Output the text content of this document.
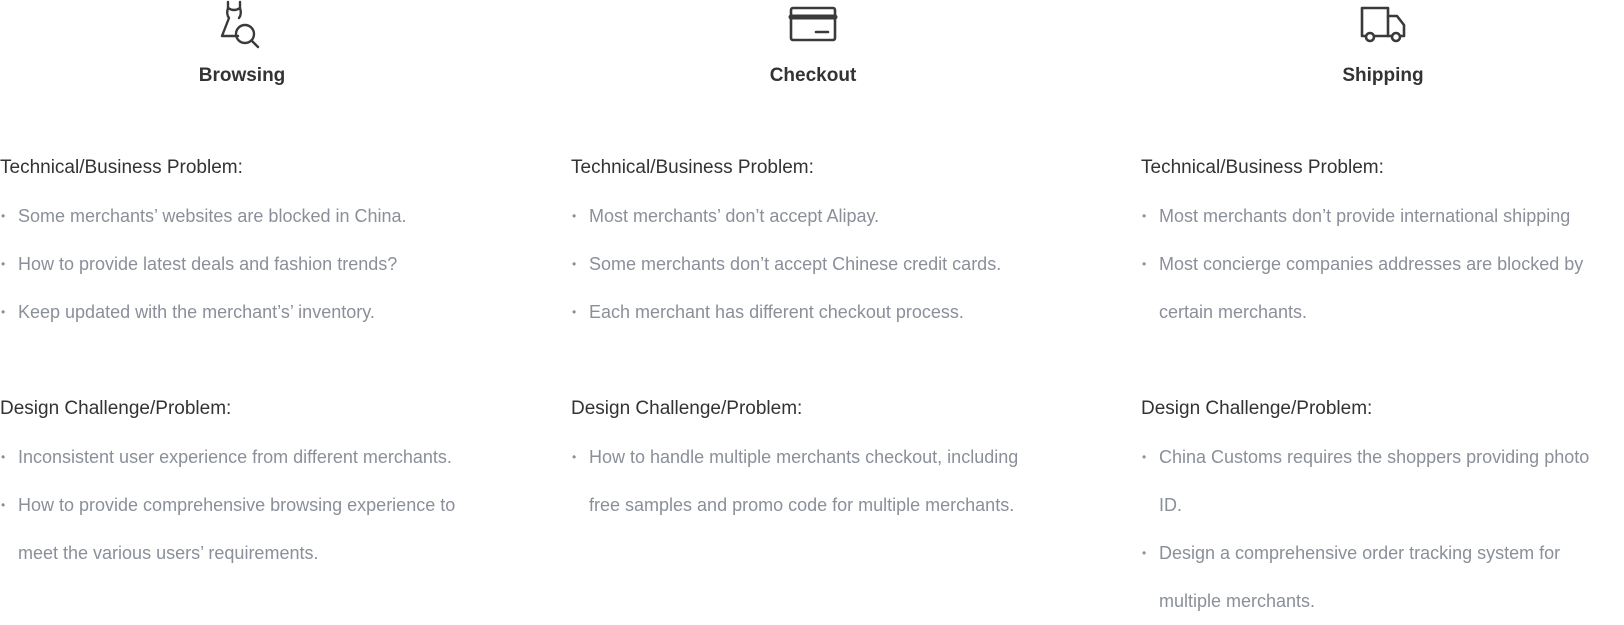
Browsing
Technical/Business Problem:
• Some merchants’ websites are blocked in China.
• How to provide latest deals and fashion trends?
• Keep updated with the merchant’s’ inventory.
Design Challenge/Problem:
• Inconsistent user experience from different merchants.
• How to provide comprehensive browsing experience to meet the various users’ requirements.
Checkout
Technical/Business Problem:
• Most merchants’ don’t accept Alipay.
• Some merchants don’t accept Chinese credit cards.
• Each merchant has different checkout process.
Design Challenge/Problem:
• How to handle multiple merchants checkout, including free samples and promo code for multiple merchants.
Shipping
Technical/Business Problem:
• Most merchants don’t provide international shipping
• Most concierge companies addresses are blocked by certain merchants.
Design Challenge/Problem:
• China Customs requires the shoppers providing photo ID.
• Design a comprehensive order tracking system for multiple merchants.
